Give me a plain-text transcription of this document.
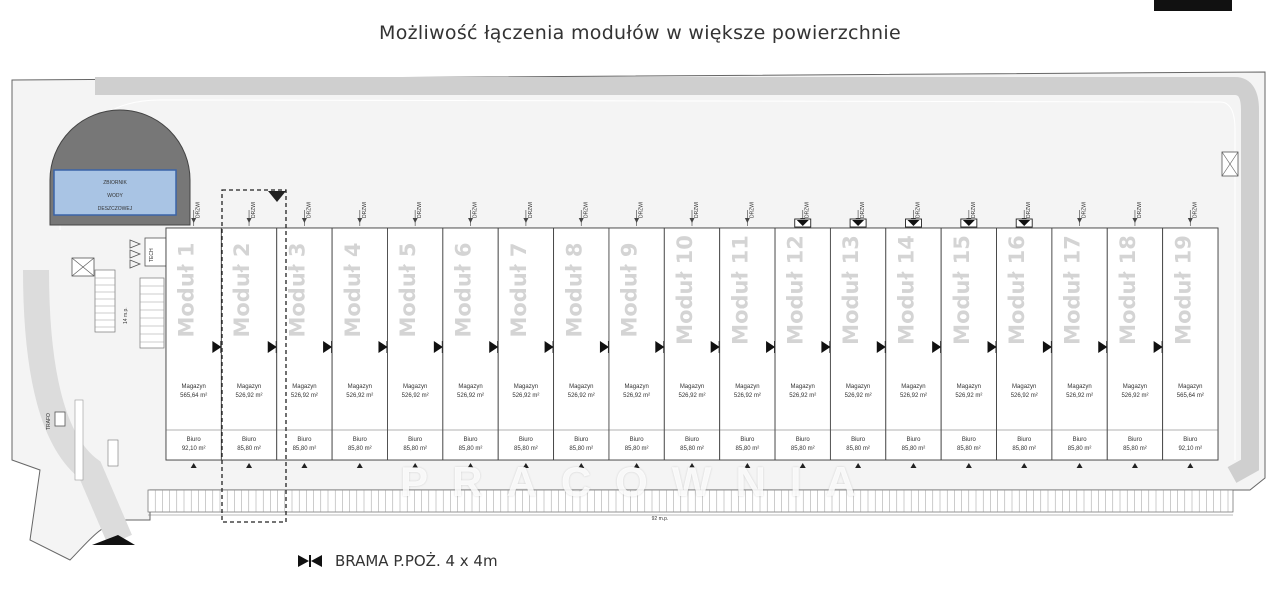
Możliwość łączenia modułów w większe powierzchnie
ZBIORNIK
WODY
DESZCZOWEJ
TECH
14 m.p.
TRAFO
Moduł 1
Magazyn
565,64 m²
Biuro
92,10 m²
DRZWI
Moduł 2
Magazyn
526,92 m²
Biuro
85,80 m²
DRZWI
Moduł 3
Magazyn
526,92 m²
Biuro
85,80 m²
DRZWI
Moduł 4
Magazyn
526,92 m²
Biuro
85,80 m²
DRZWI
Moduł 5
Magazyn
526,92 m²
Biuro
85,80 m²
DRZWI
Moduł 6
Magazyn
526,92 m²
Biuro
85,80 m²
DRZWI
Moduł 7
Magazyn
526,92 m²
Biuro
85,80 m²
DRZWI
Moduł 8
Magazyn
526,92 m²
Biuro
85,80 m²
DRZWI
Moduł 9
Magazyn
526,92 m²
Biuro
85,80 m²
DRZWI
Moduł 10
Magazyn
526,92 m²
Biuro
85,80 m²
DRZWI
Moduł 11
Magazyn
526,92 m²
Biuro
85,80 m²
DRZWI
Moduł 12
Magazyn
526,92 m²
Biuro
85,80 m²
DRZWI
Moduł 13
Magazyn
526,92 m²
Biuro
85,80 m²
DRZWI
Moduł 14
Magazyn
526,92 m²
Biuro
85,80 m²
DRZWI
Moduł 15
Magazyn
526,92 m²
Biuro
85,80 m²
DRZWI
Moduł 16
Magazyn
526,92 m²
Biuro
85,80 m²
DRZWI
Moduł 17
Magazyn
526,92 m²
Biuro
85,80 m²
DRZWI
Moduł 18
Magazyn
526,92 m²
Biuro
85,80 m²
DRZWI
Moduł 19
Magazyn
565,64 m²
Biuro
92,10 m²
DRZWI
92 m.p.
BRAMA P.POŻ. 4 x 4m
PRACOWNIA
